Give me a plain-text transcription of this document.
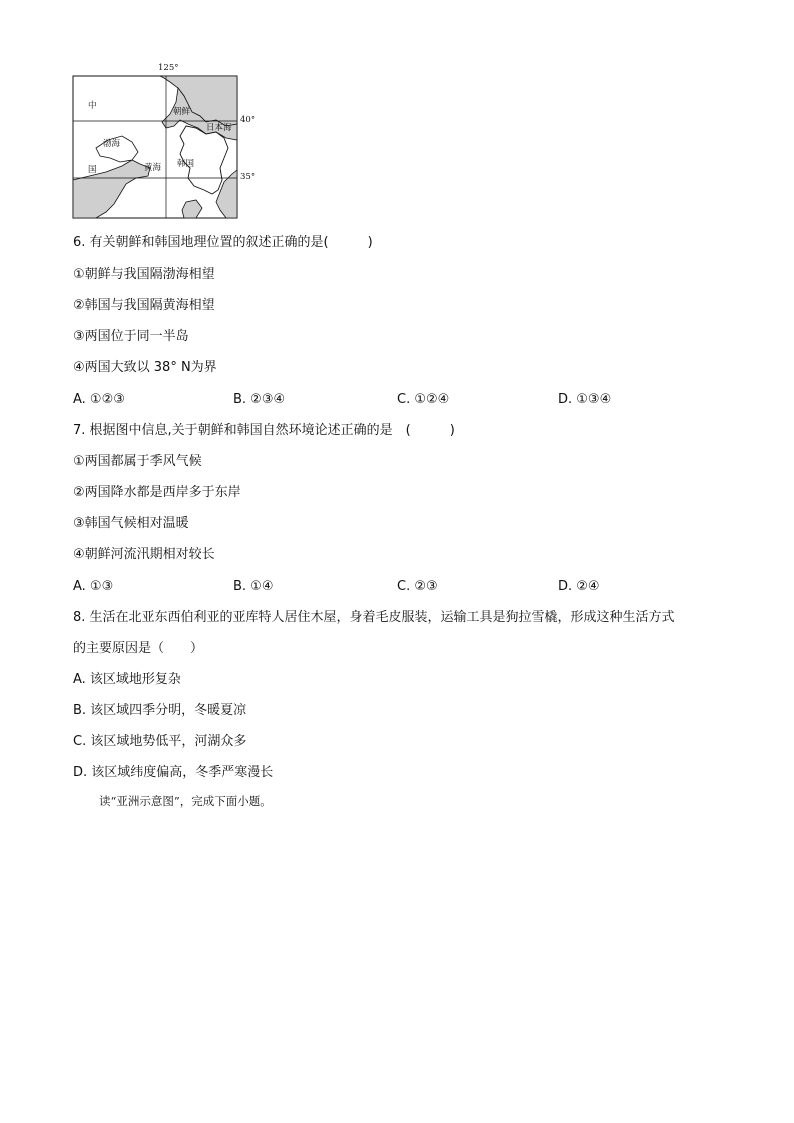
125°
40°
35°
中
国
渤海
黄海
朝鲜
韩国
日本海
6. 有关朝鲜和韩国地理位置的叙述正确的是(　　　)
①朝鲜与我国隔渤海相望
②韩国与我国隔黄海相望
③两国位于同一半岛
④两国大致以 38° N为界
A. ①②③	B. ②③④	C. ①②④	D. ①③④
7. 根据图中信息,关于朝鲜和韩国自然环境论述正确的是　(　　　)
①两国都属于季风气候
②两国降水都是西岸多于东岸
③韩国气候相对温暖
④朝鲜河流汛期相对较长
A. ①③	B. ①④	C. ②③	D. ②④
8. 生活在北亚东西伯利亚的亚库特人居住木屋，身着毛皮服装，运输工具是狗拉雪橇，形成这种生活方式
的主要原因是（　　）
A. 该区域地形复杂
B. 该区域四季分明，冬暖夏凉
C. 该区域地势低平，河湖众多
D. 该区域纬度偏高，冬季严寒漫长
读“亚洲示意图”，完成下面小题。
